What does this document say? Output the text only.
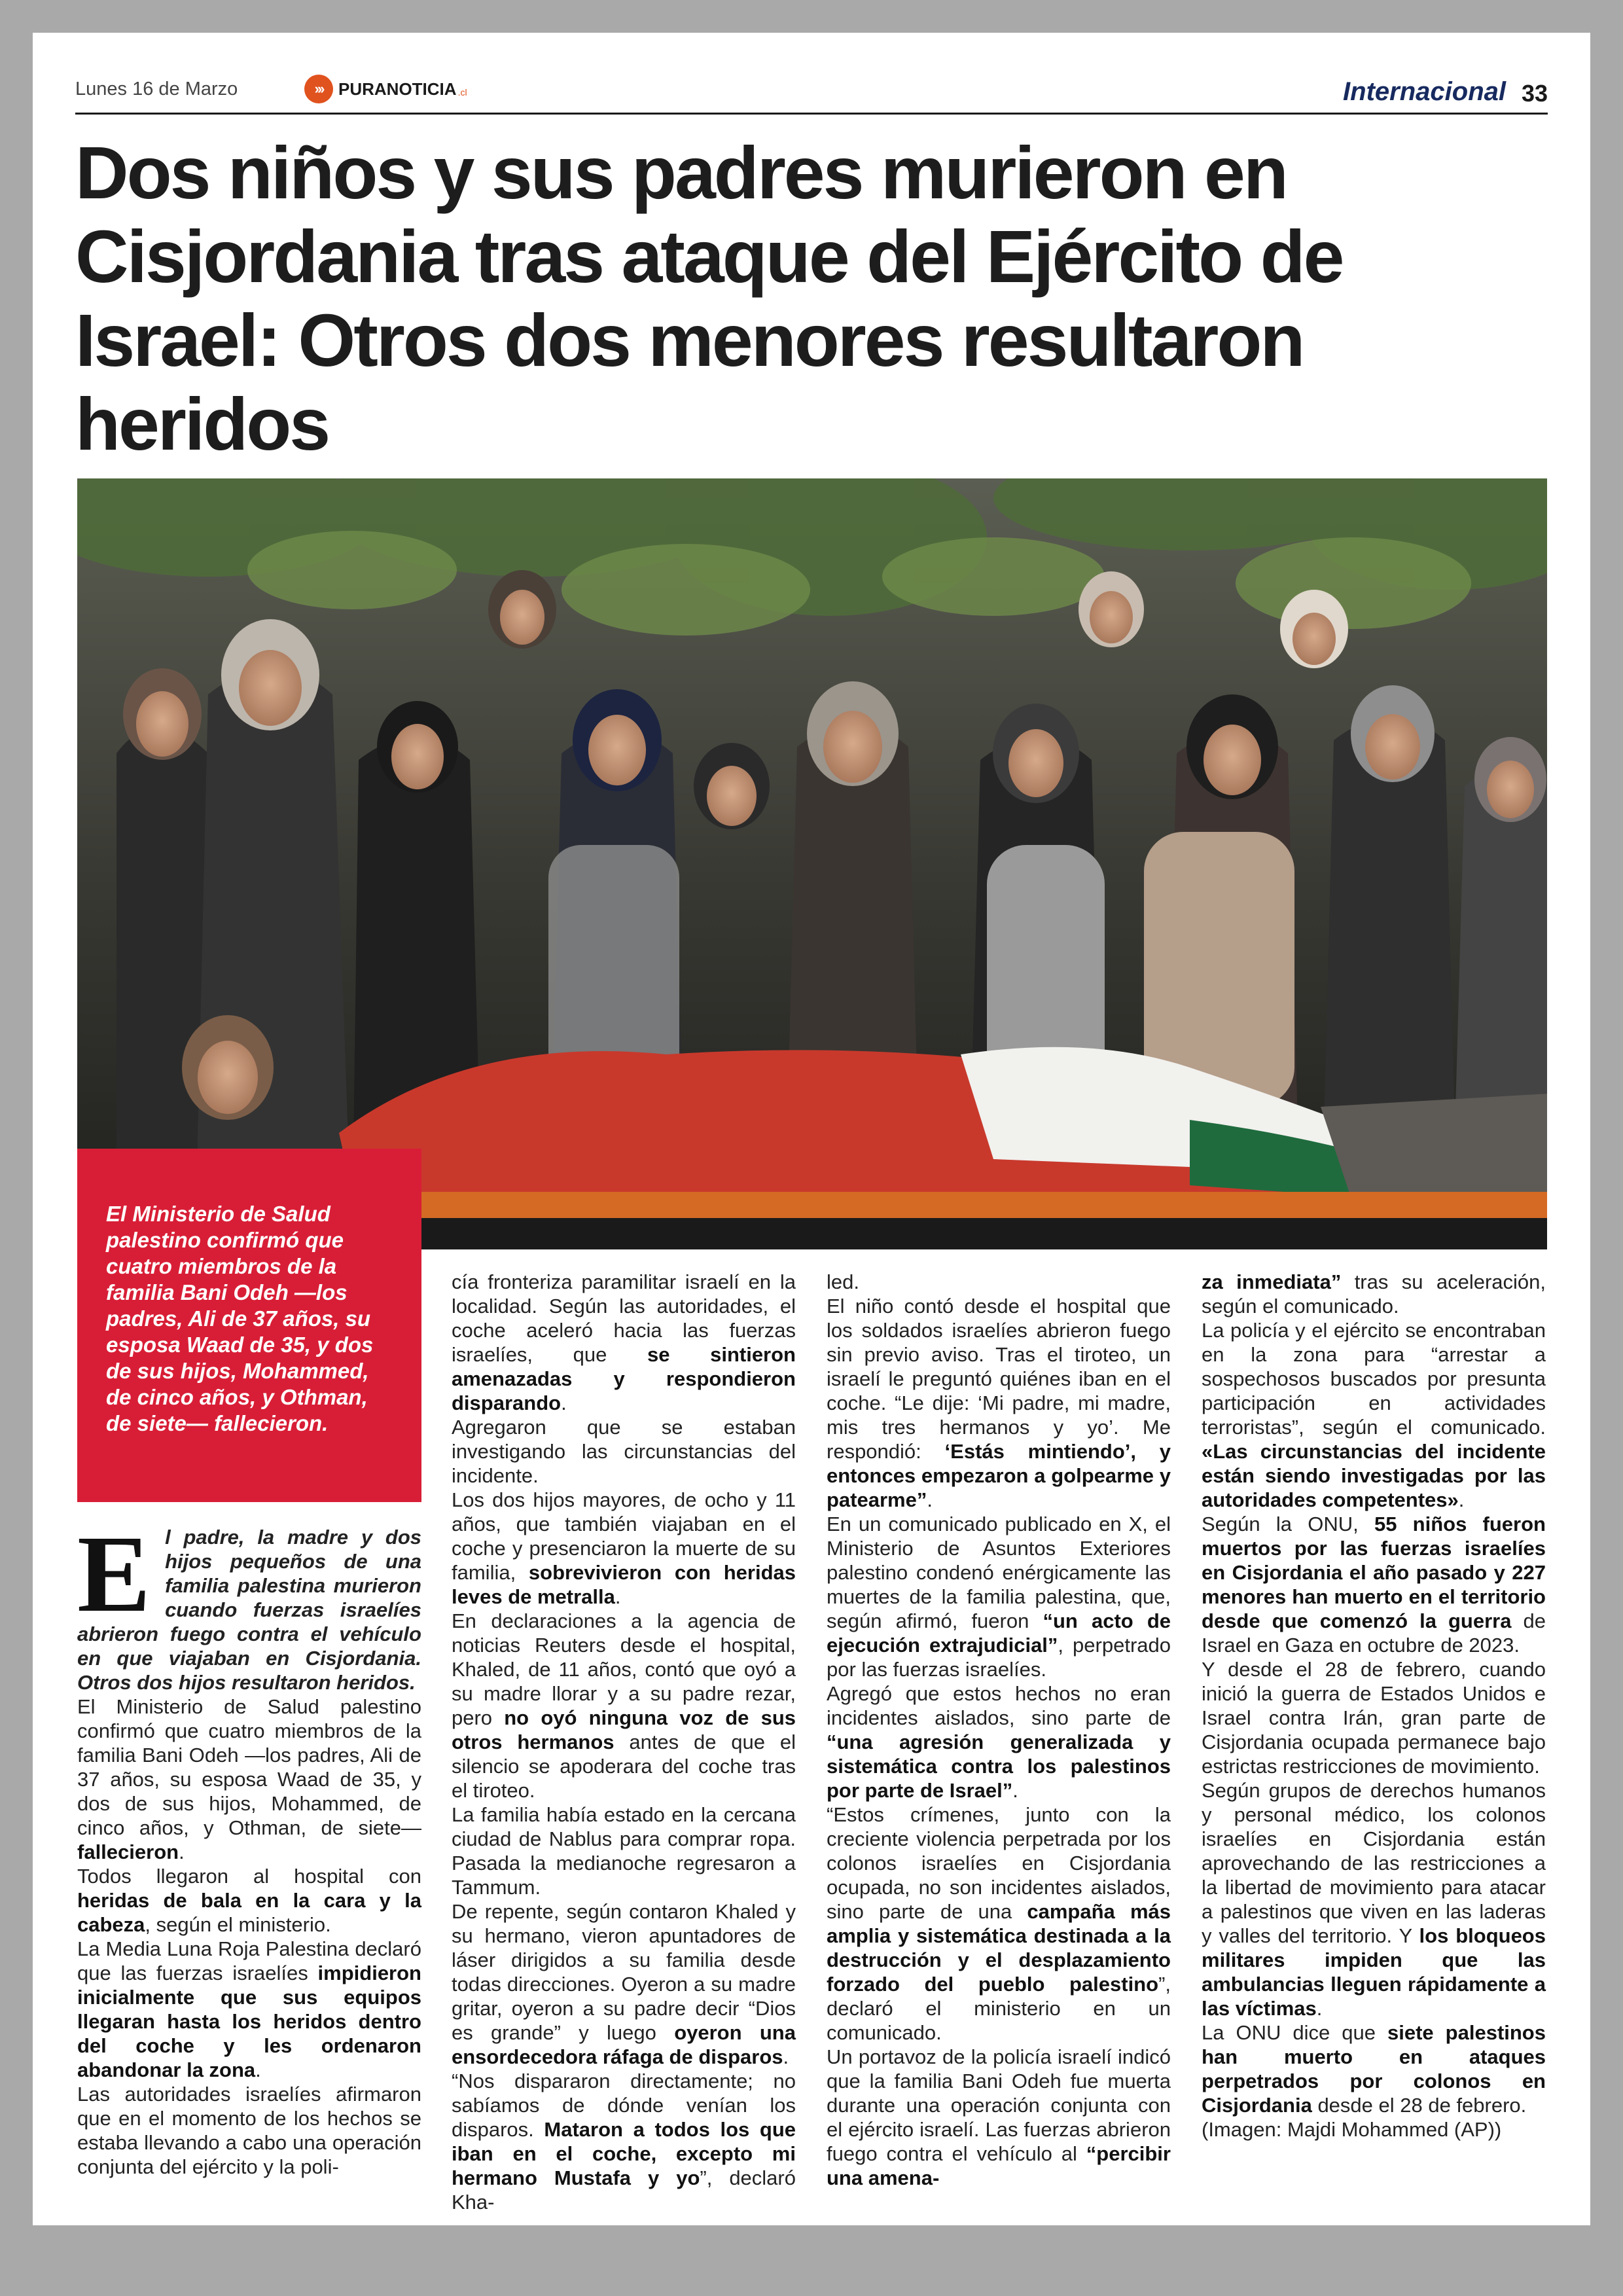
Lunes 16 de Marzo	››› PURANOTICIA .cl	Internacional 33
Dos niños y sus padres murieron en Cisjordania tras ataque del Ejército de Israel: Otros dos menores resultaron heridos
El Ministerio de Salud palestino confirmó que cuatro miembros de la familia Bani Odeh —los padres, Ali de 37 años, su esposa Waad de 35, y dos de sus hijos, Mohammed, de cinco años, y Othman, de siete— fallecieron.
E l padre, la madre y dos hijos pequeños de una familia palestina murieron cuando fuerzas israelíes abrieron fuego contra el vehículo en que viajaban en Cisjordania. Otros dos hijos resultaron heridos.

El Ministerio de Salud palestino confirmó que cuatro miembros de la familia Bani Odeh —los padres, Ali de 37 años, su esposa Waad de 35, y dos de sus hijos, Mohammed, de cinco años, y Othman, de siete— fallecieron.

Todos llegaron al hospital con heridas de bala en la cara y la cabeza, según el ministerio.

La Media Luna Roja Palestina declaró que las fuerzas israelíes impidieron inicialmente que sus equipos llegaran hasta los heridos dentro del coche y les ordenaron abandonar la zona.

Las autoridades israelíes afirmaron que en el momento de los hechos se estaba llevando a cabo una operación conjunta del ejército y la poli-

cía fronteriza paramilitar israelí en la localidad. Según las autoridades, el coche aceleró hacia las fuerzas israelíes, que se sintieron amenazadas y respondieron disparando.

Agregaron que se estaban investigando las circunstancias del incidente.

Los dos hijos mayores, de ocho y 11 años, que también viajaban en el coche y presenciaron la muerte de su familia, sobrevivieron con heridas leves de metralla.

En declaraciones a la agencia de noticias Reuters desde el hospital, Khaled, de 11 años, contó que oyó a su madre llorar y a su padre rezar, pero no oyó ninguna voz de sus otros hermanos antes de que el silencio se apoderara del coche tras el tiroteo.

La familia había estado en la cercana ciudad de Nablus para comprar ropa. Pasada la medianoche regresaron a Tammum.

De repente, según contaron Khaled y su hermano, vieron apuntadores de láser dirigidos a su familia desde todas direcciones. Oyeron a su madre gritar, oyeron a su padre decir “Dios es grande” y luego oyeron una ensordecedora ráfaga de disparos.

“Nos dispararon directamente; no sabíamos de dónde venían los disparos. Mataron a todos los que iban en el coche, excepto mi hermano Mustafa y yo”, declaró Kha-

led.

El niño contó desde el hospital que los soldados israelíes abrieron fuego sin previo aviso. Tras el tiroteo, un israelí le preguntó quiénes iban en el coche. “Le dije: ‘Mi padre, mi madre, mis tres hermanos y yo’. Me respondió: ‘Estás mintiendo’, y entonces empezaron a golpearme y patearme”.

En un comunicado publicado en X, el Ministerio de Asuntos Exteriores palestino condenó enérgicamente las muertes de la familia palestina, que, según afirmó, fueron “un acto de ejecución extrajudicial”, perpetrado por las fuerzas israelíes.

Agregó que estos hechos no eran incidentes aislados, sino parte de “una agresión generalizada y sistemática contra los palestinos por parte de Israel”.

“Estos crímenes, junto con la creciente violencia perpetrada por los colonos israelíes en Cisjordania ocupada, no son incidentes aislados, sino parte de una campaña más amplia y sistemática destinada a la destrucción y el desplazamiento forzado del pueblo palestino”, declaró el ministerio en un comunicado.

Un portavoz de la policía israelí indicó que la familia Bani Odeh fue muerta durante una operación conjunta con el ejército israelí. Las fuerzas abrieron fuego contra el vehículo al “percibir una amena-

za inmediata” tras su aceleración, según el comunicado.

La policía y el ejército se encontraban en la zona para “arrestar a sospechosos buscados por presunta participación en actividades terroristas”, según el comunicado. «Las circunstancias del incidente están siendo investigadas por las autoridades competentes».

Según la ONU, 55 niños fueron muertos por las fuerzas israelíes en Cisjordania el año pasado y 227 menores han muerto en el territorio desde que comenzó la guerra de Israel en Gaza en octubre de 2023.

Y desde el 28 de febrero, cuando inició la guerra de Estados Unidos e Israel contra Irán, gran parte de Cisjordania ocupada permanece bajo estrictas restricciones de movimiento.

Según grupos de derechos humanos y personal médico, los colonos israelíes en Cisjordania están aprovechando de las restricciones a la libertad de movimiento para atacar a palestinos que viven en las laderas y valles del territorio. Y los bloqueos militares impiden que las ambulancias lleguen rápidamente a las víctimas.

La ONU dice que siete palestinos han muerto en ataques perpetrados por colonos en Cisjordania desde el 28 de febrero.

(Imagen: Majdi Mohammed (AP))
